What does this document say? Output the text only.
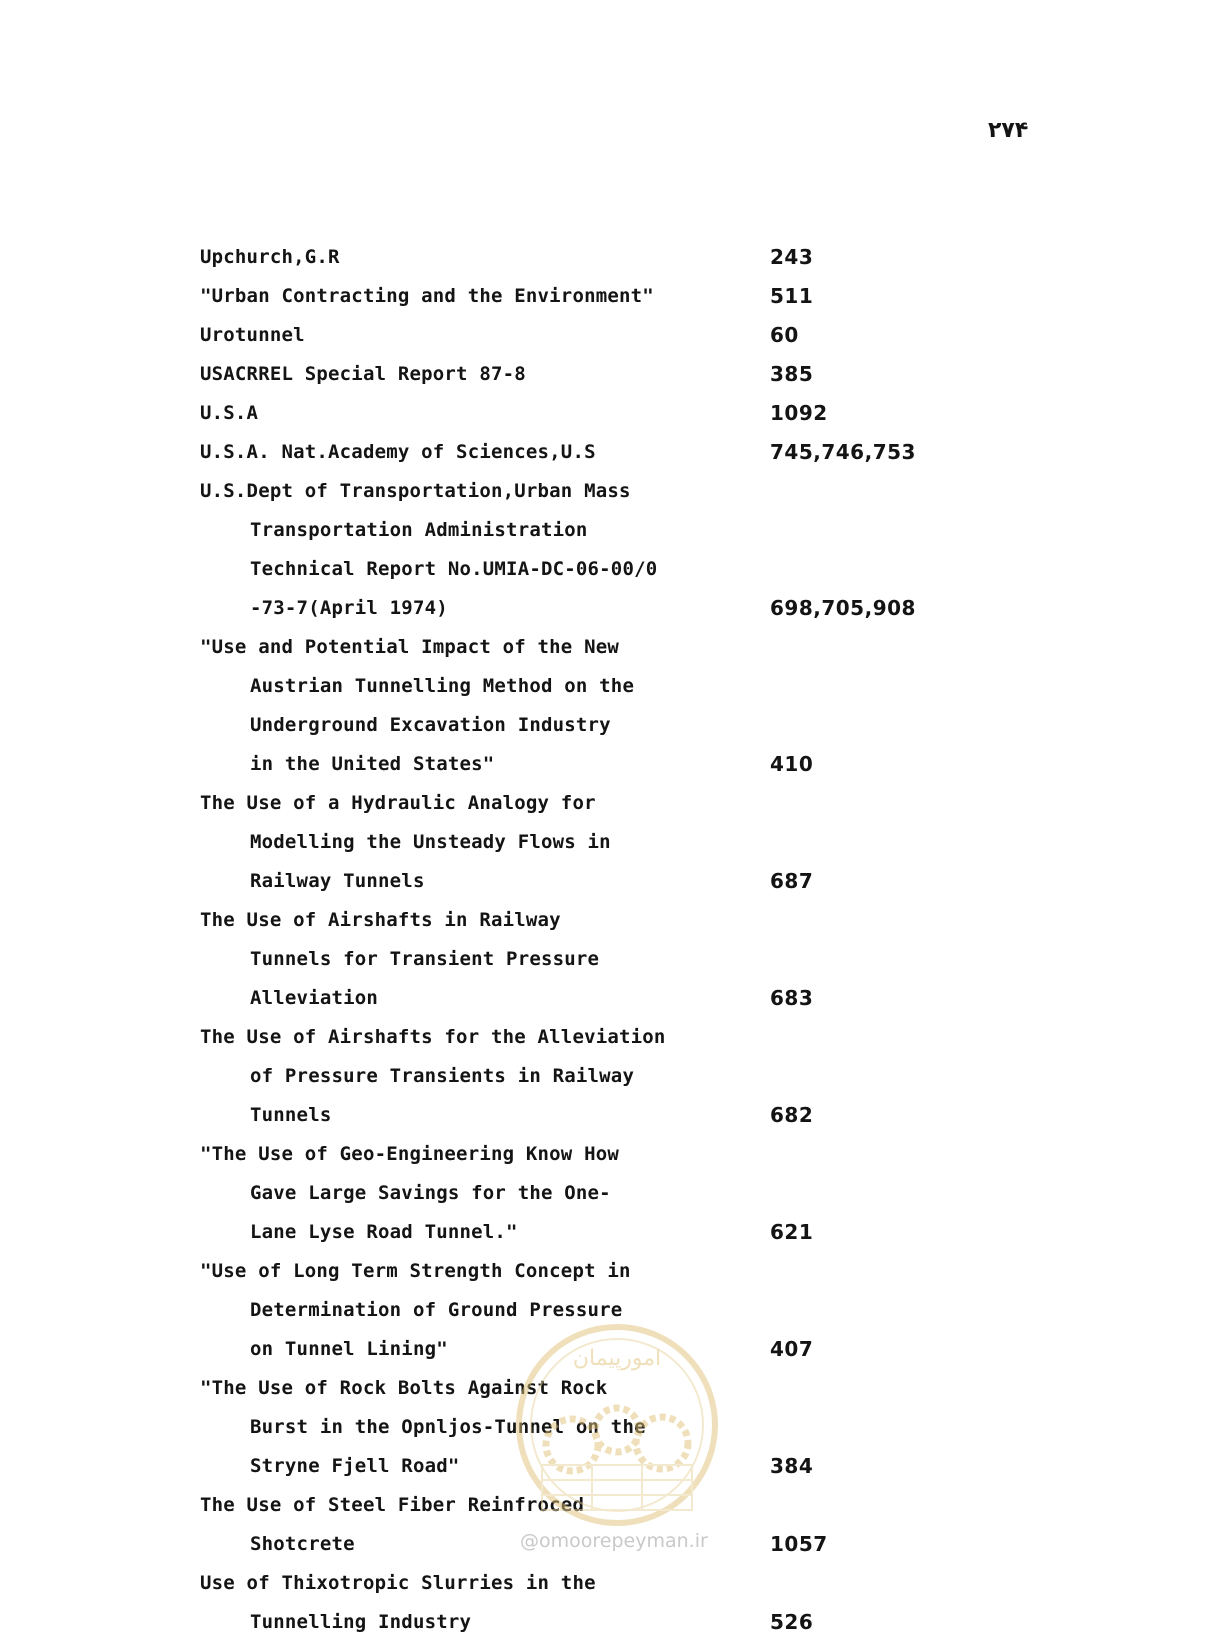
۲۷۴
Upchurch,G.R	243
"Urban Contracting and the Environment"	511
Urotunnel	60
USACRREL Special Report 87-8	385
U.S.A	1092
U.S.A. Nat.Academy of Sciences,U.S	745,746,753
U.S.Dept of Transportation,Urban Mass
Transportation Administration
Technical Report No.UMIA-DC-06-00/0
-73-7(April 1974)	698,705,908
"Use and Potential Impact of the New
Austrian Tunnelling Method on the
Underground Excavation Industry
in the United States"	410
The Use of a Hydraulic Analogy for
Modelling the Unsteady Flows in
Railway Tunnels	687
The Use of Airshafts in Railway
Tunnels for Transient Pressure
Alleviation	683
The Use of Airshafts for the Alleviation
of Pressure Transients in Railway
Tunnels	682
"The Use of Geo-Engineering Know How
Gave Large Savings for the One-
Lane Lyse Road Tunnel."	621
"Use of Long Term Strength Concept in
Determination of Ground Pressure
on Tunnel Lining"	407
"The Use of Rock Bolts Against Rock
Burst in the Opnljos-Tunnel on the
Stryne Fjell Road"	384
The Use of Steel Fiber Reinfroced
Shotcrete	1057
Use of Thixotropic Slurries in the
Tunnelling Industry	526
امورپیمان
@omoorepeyman.ir
